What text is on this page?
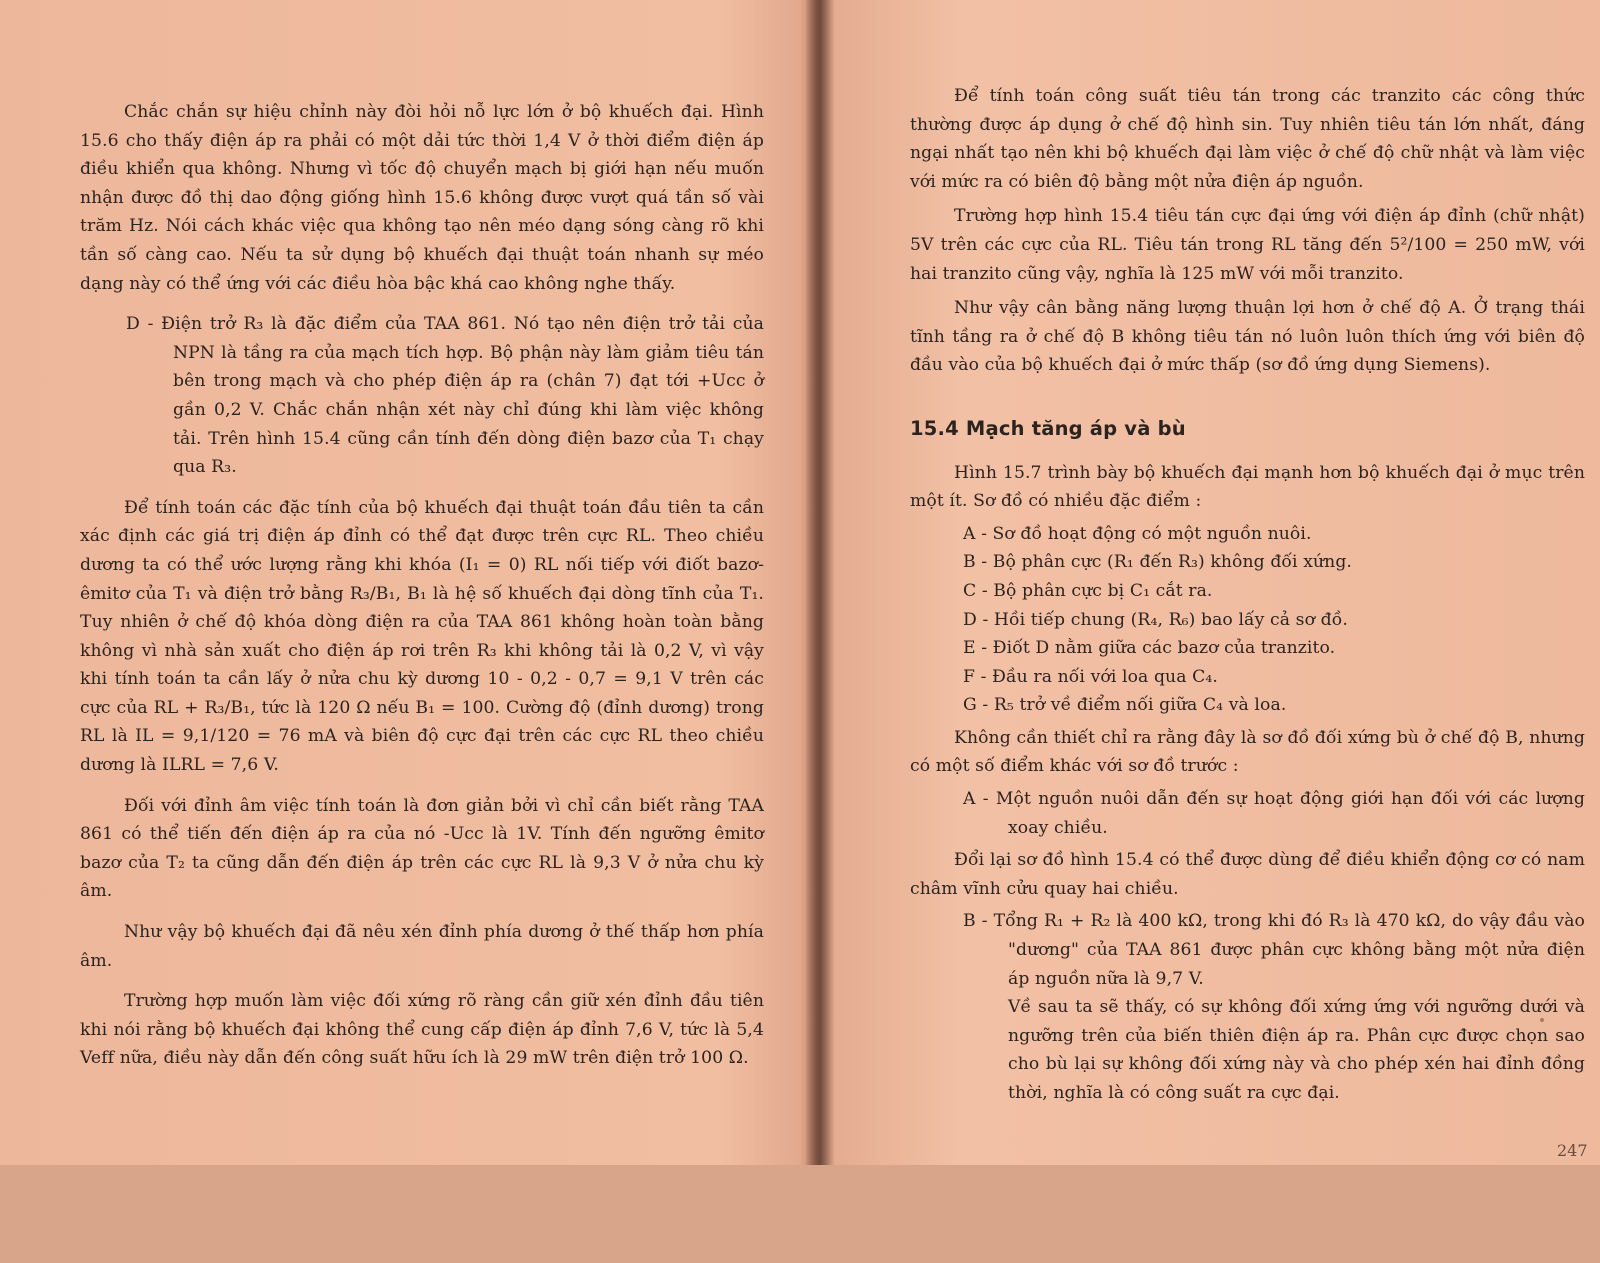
Chắc chắn sự hiệu chỉnh này đòi hỏi nỗ lực lớn ở bộ khuếch đại. Hình 15.6 cho thấy điện áp ra phải có một dải tức thời 1,4 V ở thời điểm điện áp điều khiển qua không. Nhưng vì tốc độ chuyển mạch bị giới hạn nếu muốn nhận được đồ thị dao động giống hình 15.6 không được vượt quá tần số vài trăm Hz. Nói cách khác việc qua không tạo nên méo dạng sóng càng rõ khi tần số càng cao. Nếu ta sử dụng bộ khuếch đại thuật toán nhanh sự méo dạng này có thể ứng với các điều hòa bậc khá cao không nghe thấy.

D - Điện trở R₃ là đặc điểm của TAA 861. Nó tạo nên điện trở tải của NPN là tầng ra của mạch tích hợp. Bộ phận này làm giảm tiêu tán bên trong mạch và cho phép điện áp ra (chân 7) đạt tới +Ucc ở gần 0,2 V. Chắc chắn nhận xét này chỉ đúng khi làm việc không tải. Trên hình 15.4 cũng cần tính đến dòng điện bazơ của T₁ chạy qua R₃.

Để tính toán các đặc tính của bộ khuếch đại thuật toán đầu tiên ta cần xác định các giá trị điện áp đỉnh có thể đạt được trên cực RL. Theo chiều dương ta có thể ước lượng rằng khi khóa (I₁ = 0) RL nối tiếp với điốt bazơ-êmitơ của T₁ và điện trở bằng R₃/B₁, B₁ là hệ số khuếch đại dòng tĩnh của T₁. Tuy nhiên ở chế độ khóa dòng điện ra của TAA 861 không hoàn toàn bằng không vì nhà sản xuất cho điện áp rơi trên R₃ khi không tải là 0,2 V, vì vậy khi tính toán ta cần lấy ở nửa chu kỳ dương 10 - 0,2 - 0,7 = 9,1 V trên các cực của RL + R₃/B₁, tức là 120 Ω nếu B₁ = 100. Cường độ (đỉnh dương) trong RL là IL = 9,1/120 = 76 mA và biên độ cực đại trên các cực RL theo chiều dương là ILRL = 7,6 V.

Đối với đỉnh âm việc tính toán là đơn giản bởi vì chỉ cần biết rằng TAA 861 có thể tiến đến điện áp ra của nó -Ucc là 1V. Tính đến ngưỡng êmitơ bazơ của T₂ ta cũng dẫn đến điện áp trên các cực RL là 9,3 V ở nửa chu kỳ âm.

Như vậy bộ khuếch đại đã nêu xén đỉnh phía dương ở thế thấp hơn phía âm.

Trường hợp muốn làm việc đối xứng rõ ràng cần giữ xén đỉnh đầu tiên khi nói rằng bộ khuếch đại không thể cung cấp điện áp đỉnh 7,6 V, tức là 5,4 Veff nữa, điều này dẫn đến công suất hữu ích là 29 mW trên điện trở 100 Ω.

Để tính toán công suất tiêu tán trong các tranzito các công thức thường được áp dụng ở chế độ hình sin. Tuy nhiên tiêu tán lớn nhất, đáng ngại nhất tạo nên khi bộ khuếch đại làm việc ở chế độ chữ nhật và làm việc với mức ra có biên độ bằng một nửa điện áp nguồn.

Trường hợp hình 15.4 tiêu tán cực đại ứng với điện áp đỉnh (chữ nhật) 5V trên các cực của RL. Tiêu tán trong RL tăng đến 5²/100 = 250 mW, với hai tranzito cũng vậy, nghĩa là 125 mW với mỗi tranzito.

Như vậy cân bằng năng lượng thuận lợi hơn ở chế độ A. Ở trạng thái tĩnh tầng ra ở chế độ B không tiêu tán nó luôn luôn thích ứng với biên độ đầu vào của bộ khuếch đại ở mức thấp (sơ đồ ứng dụng Siemens).

15.4 Mạch tăng áp và bù

Hình 15.7 trình bày bộ khuếch đại mạnh hơn bộ khuếch đại ở mục trên một ít. Sơ đồ có nhiều đặc điểm :

A - Sơ đồ hoạt động có một nguồn nuôi.

B - Bộ phân cực (R₁ đến R₃) không đối xứng.

C - Bộ phân cực bị C₁ cắt ra.

D - Hồi tiếp chung (R₄, R₆) bao lấy cả sơ đồ.

E - Điốt D nằm giữa các bazơ của tranzito.

F - Đầu ra nối với loa qua C₄.

G - R₅ trở về điểm nối giữa C₄ và loa.

Không cần thiết chỉ ra rằng đây là sơ đồ đối xứng bù ở chế độ B, nhưng có một số điểm khác với sơ đồ trước :

A - Một nguồn nuôi dẫn đến sự hoạt động giới hạn đối với các lượng xoay chiều.

Đổi lại sơ đồ hình 15.4 có thể được dùng để điều khiển động cơ có nam châm vĩnh cửu quay hai chiều.

B - Tổng R₁ + R₂ là 400 kΩ, trong khi đó R₃ là 470 kΩ, do vậy đầu vào "dương" của TAA 861 được phân cực không bằng một nửa điện áp nguồn nữa là 9,7 V.

Về sau ta sẽ thấy, có sự không đối xứng ứng với ngưỡng dưới và ngưỡng trên của biến thiên điện áp ra. Phân cực được chọn sao cho bù lại sự không đối xứng này và cho phép xén hai đỉnh đồng thời, nghĩa là có công suất ra cực đại.

247
